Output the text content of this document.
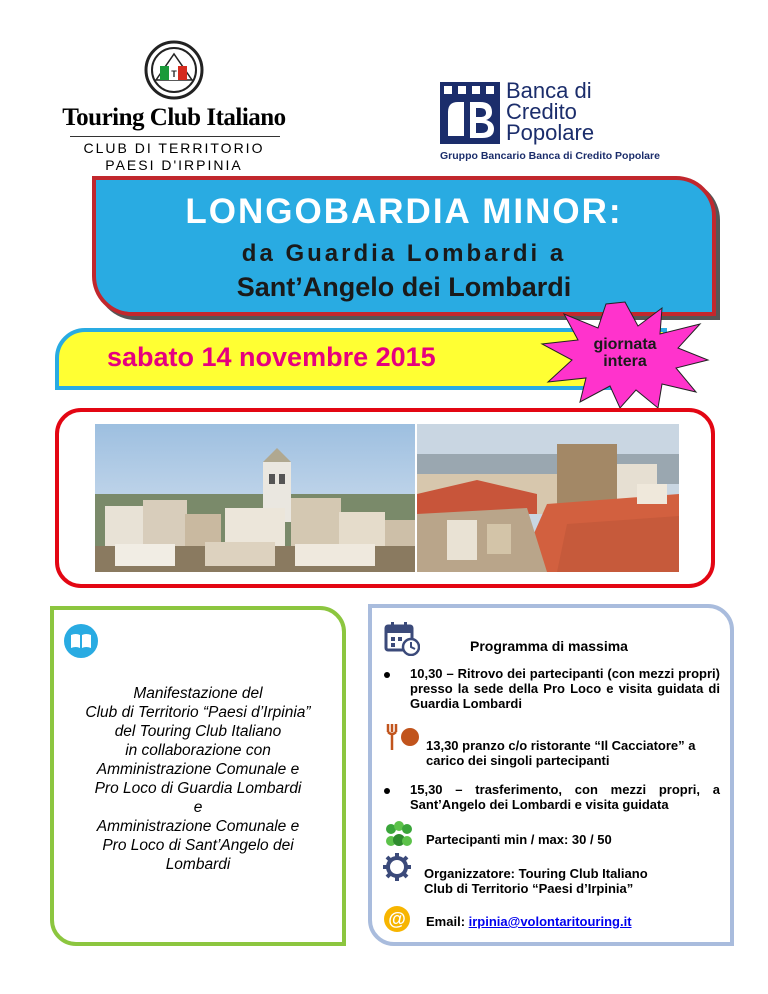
T
Touring Club Italiano
CLUB DI TERRITORIO
PAESI D'IRPINIA
Banca di
Credito
Popolare
Gruppo Bancario Banca di Credito Popolare
LONGOBARDIA MINOR:
da Guardia Lombardi a
Sant’Angelo dei Lombardi
sabato 14 novembre 2015	giornata
intera
Manifestazione del
Club di Territorio “Paesi d’Irpinia”
del Touring Club Italiano
in collaborazione con
Amministrazione Comunale e
Pro Loco di Guardia Lombardi
e
Amministrazione Comunale e
Pro Loco di Sant’Angelo dei
Lombardi
Programma di massima
10,30 – Ritrovo dei partecipanti (con mezzi propri) presso la sede della Pro Loco e visita guidata di Guardia Lombardi
13,30 pranzo c/o ristorante “Il Cacciatore” a carico dei singoli partecipanti
15,30 – trasferimento, con mezzi propri, a Sant’Angelo dei Lombardi e visita guidata
Partecipanti min / max: 30 / 50
Organizzatore: Touring Club Italiano
Club di Territorio “Paesi d’Irpinia”
@ Email: irpinia@volontaritouring.it
